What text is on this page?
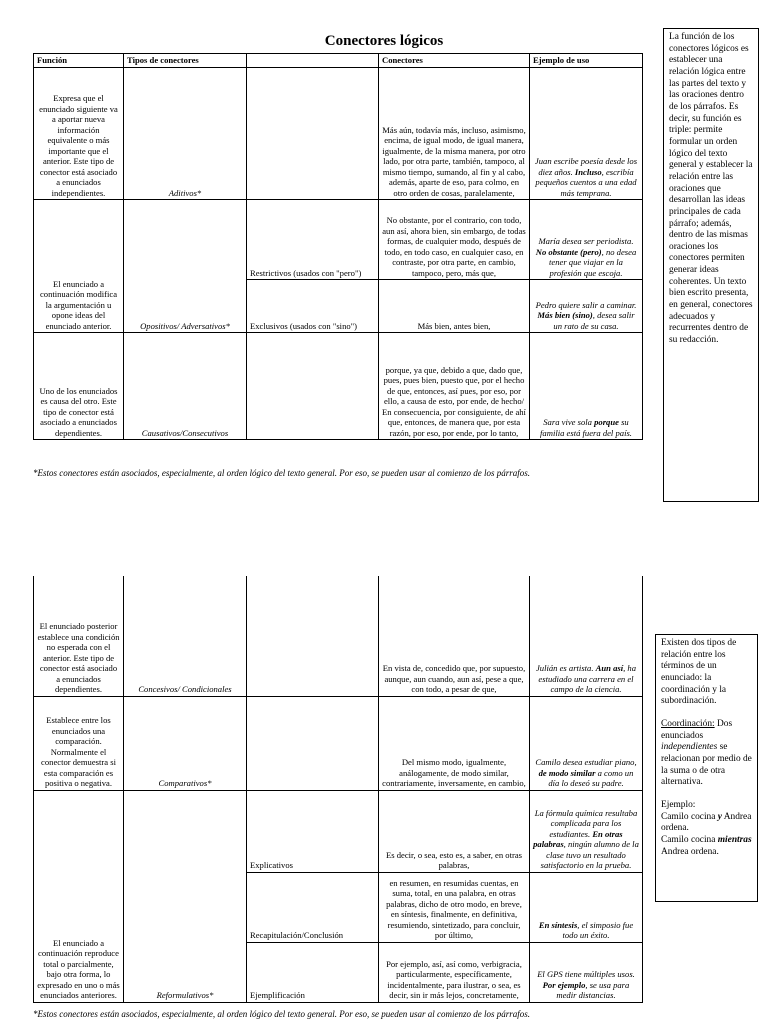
Conectores lógicos
Función	Tipos de conectores		Conectores	Ejemplo de uso
Expresa que el enunciado siguiente va a aportar nueva información equivalente o más importante que el anterior. Este tipo de conector está asociado a enunciados independientes.	Aditivos*		Más aún, todavía más, incluso, asimismo, encima, de igual modo, de igual manera, igualmente, de la misma manera, por otro lado, por otra parte, también, tampoco, al mismo tiempo, sumando, al fin y al cabo, además, aparte de eso, para colmo, en otro orden de cosas, paralelamente,	Juan escribe poesía desde los diez años. Incluso, escribía pequeños cuentos a una edad más temprana.
El enunciado a continuación modifica la argumentación u opone ideas del enunciado anterior.	Opositivos/ Adversativos*	Restrictivos (usados con "pero")	No obstante, por el contrario, con todo, aun así, ahora bien, sin embargo, de todas formas, de cualquier modo, después de todo, en todo caso, en cualquier caso, en contraste, por otra parte, en cambio, tampoco, pero, más que,	María desea ser periodista. No obstante (pero), no desea tener que viajar en la profesión que escoja.
		Exclusivos (usados con "sino")	Más bien, antes bien,	Pedro quiere salir a caminar. Más bien (sino), desea salir un rato de su casa.
Uno de los enunciados es causa del otro. Este tipo de conector está asociado a enunciados dependientes.	Causativos/Consecutivos		porque, ya que, debido a que, dado que, pues, pues bien, puesto que, por el hecho de que, entonces, así pues, por eso, por ello, a causa de esto, por ende, de hecho/ En consecuencia, por consiguiente, de ahí que, entonces, de manera que, por esta razón, por eso, por ende, por lo tanto,	Sara vive sola porque su familia está fuera del país.
*Estos conectores están asociados, especialmente, al orden lógico del texto general. Por eso, se pueden usar al comienzo de los párrafos.

La función de los conectores lógicos es establecer una relación lógica entre las partes del texto y las oraciones dentro de los párrafos. Es decir, su función es triple: permite formular un orden lógico del texto general y establecer la relación entre las oraciones que desarrollan las ideas principales de cada párrafo; además, dentro de las mismas oraciones los conectores permiten generar ideas coherentes. Un texto bien escrito presenta, en general, conectores adecuados y recurrentes dentro de su redacción.

El enunciado posterior establece una condición no esperada con el anterior. Este tipo de conector está asociado a enunciados dependientes.	Concesivos/ Condicionales		En vista de, concedido que, por supuesto, aunque, aun cuando, aun así, pese a que, con todo, a pesar de que,	Julián es artista. Aun así, ha estudiado una carrera en el campo de la ciencia.
Establece entre los enunciados una comparación. Normalmente el conector demuestra si esta comparación es positiva o negativa.	Comparativos*		Del mismo modo, igualmente, análogamente, de modo similar, contrariamente, inversamente, en cambio,	Camilo desea estudiar piano, de modo similar a como un día lo deseó su padre.
El enunciado a continuación reproduce total o parcialmente, bajo otra forma, lo expresado en uno o más enunciados anteriores.	Reformulativos*	Explicativos	Es decir, o sea, esto es, a saber, en otras palabras,	La fórmula química resultaba complicada para los estudiantes. En otras palabras, ningún alumno de la clase tuvo un resultado satisfactorio en la prueba.
		Recapitulación/Conclusión	en resumen, en resumidas cuentas, en suma, total, en una palabra, en otras palabras, dicho de otro modo, en breve, en síntesis, finalmente, en definitiva, resumiendo, sintetizado, para concluir, por último,	En síntesis, el simposio fue todo un éxito.
		Ejemplificación	Por ejemplo, así, así como, verbigracia, particularmente, específicamente, incidentalmente, para ilustrar, o sea, es decir, sin ir más lejos, concretamente,	El GPS tiene múltiples usos. Por ejemplo, se usa para medir distancias.
*Estos conectores están asociados, especialmente, al orden lógico del texto general. Por eso, se pueden usar al comienzo de los párrafos.

Existen dos tipos de relación entre los términos de un enunciado: la coordinación y la subordinación.

Coordinación: Dos enunciados independientes se relacionan por medio de la suma o de otra alternativa.

Ejemplo:

Camilo cocina y Andrea ordena.

Camilo cocina mientras Andrea ordena.
